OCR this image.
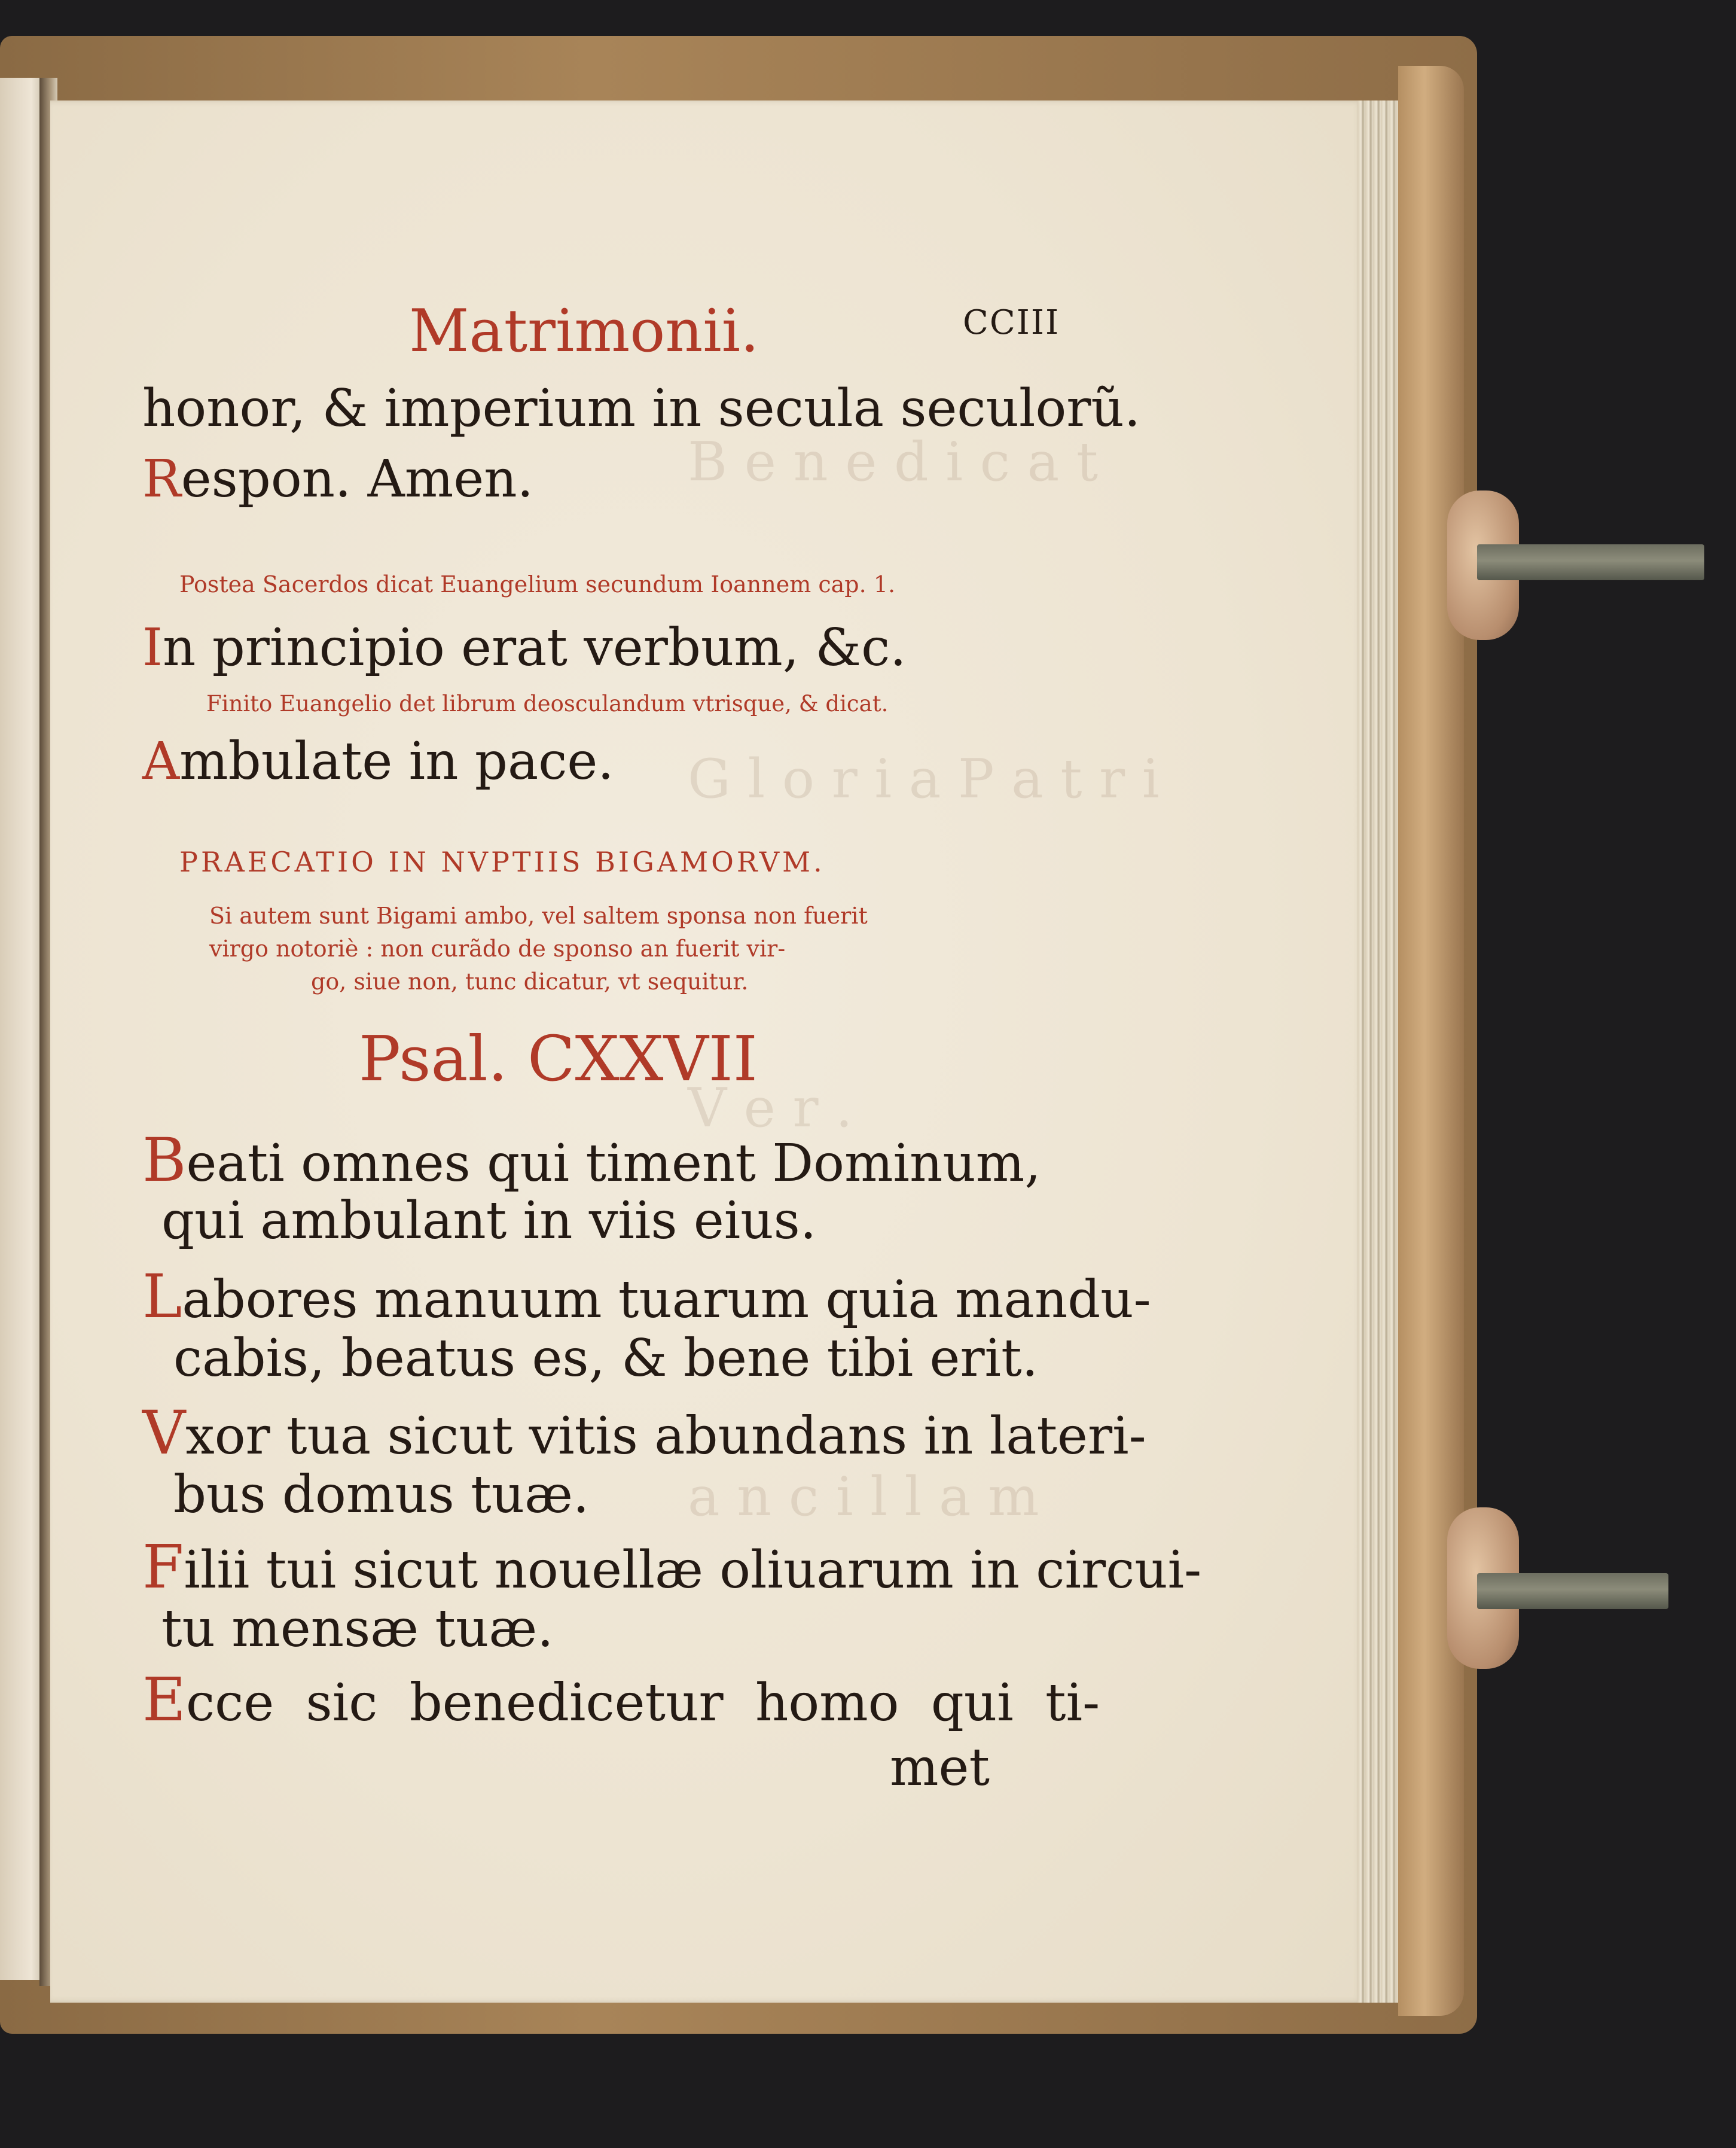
B e n e d i c a t
G l o r i a P a t r i
V e r .
a n c i l l a m
Matrimonii.	CCIII
honor, & imperium in secula seculorũ.
Respon. Amen.
Postea Sacerdos dicat Euangelium secundum Ioannem cap. 1.
In principio erat verbum, &c.
Finito Euangelio det librum deosculandum vtrisque, & dicat.
Ambulate in pace.
PRAECATIO IN NVPTIIS BIGAMORVM.
Si autem sunt Bigami ambo, vel saltem sponsa non fuerit
virgo notoriè : non curãdo de sponso an fuerit vir-
go, siue non, tunc dicatur, vt sequitur.
Psal. CXXVII
Beati omnes qui timent Dominum,
qui ambulant in viis eius.
Labores manuum tuarum quia mandu-
cabis, beatus es, & bene tibi erit.
Vxor tua sicut vitis abundans in lateri-
bus domus tuæ.
Filii tui sicut nouellæ oliuarum in circui-
tu mensæ tuæ.
Ecce sic benedicetur homo qui ti-
met
